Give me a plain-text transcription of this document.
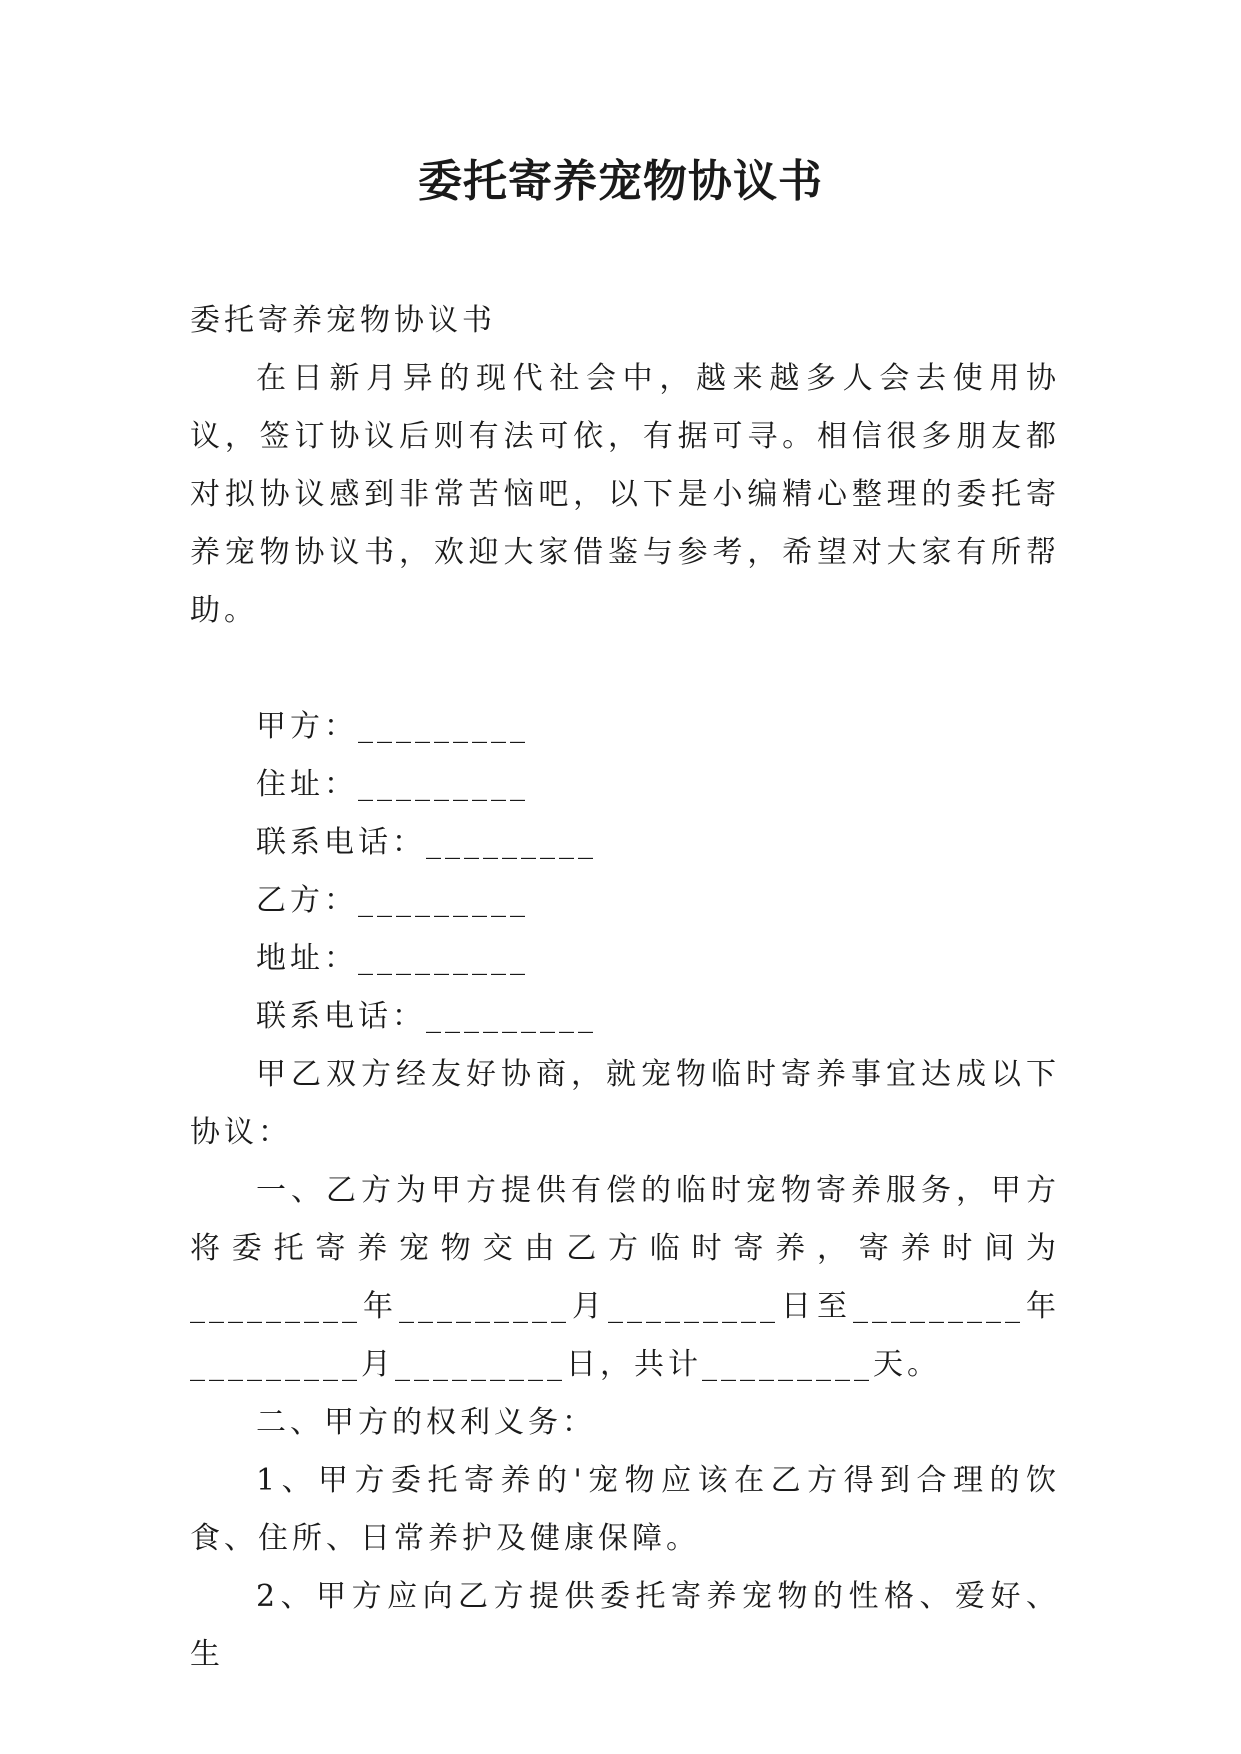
委托寄养宠物协议书

委托寄养宠物协议书

在日新月异的现代社会中，越来越多人会去使用协议，签订协议后则有法可依，有据可寻。相信很多朋友都对拟协议感到非常苦恼吧，以下是小编精心整理的委托寄养宠物协议书，欢迎大家借鉴与参考，希望对大家有所帮助。

甲方：_________

住址：_________

联系电话：_________

乙方：_________

地址：_________

联系电话：_________

甲乙双方经友好协商，就宠物临时寄养事宜达成以下协议：

一、乙方为甲方提供有偿的临时宠物寄养服务，甲方将委托寄养宠物交由乙方临时寄养，寄养时间为_________年_________月_________日至_________年_________月_________日，共计_________天。

二、甲方的权利义务：

1、甲方委托寄养的'宠物应该在乙方得到合理的饮食、住所、日常养护及健康保障。

2、甲方应向乙方提供委托寄养宠物的性格、爱好、生
